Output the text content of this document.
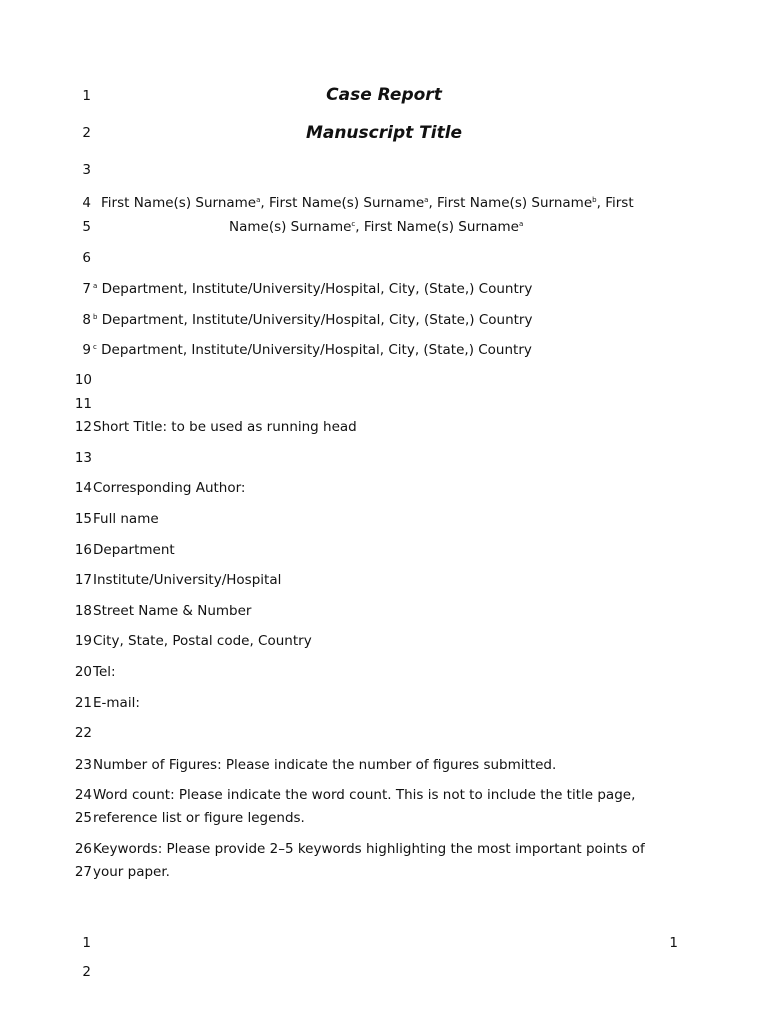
1	Case Report
2	Manuscript Title
3
4 First Name(s) Surname$^a$, First Name(s) Surname$^a$, First Name(s) Surname$^b$, First
5	Name(s) Surname$^c$, First Name(s) Surname$^a$
6
7 $^a$ Department, Institute/University/Hospital, City, (State,) Country
8 $^b$ Department, Institute/University/Hospital, City, (State,) Country
9 $^c$ Department, Institute/University/Hospital, City, (State,) Country
10
11
12 Short Title: to be used as running head
13
14 Corresponding Author:
15 Full name
16 Department
17 Institute/University/Hospital
18 Street Name & Number
19 City, State, Postal code, Country
20 Tel:
21 E-mail:
22
23 Number of Figures: Please indicate the number of figures submitted.
24 Word count: Please indicate the word count. This is not to include the title page,
25 reference list or figure legends.
26 Keywords: Please provide 2–5 keywords highlighting the most important points of
27 your paper.
1	1
2
